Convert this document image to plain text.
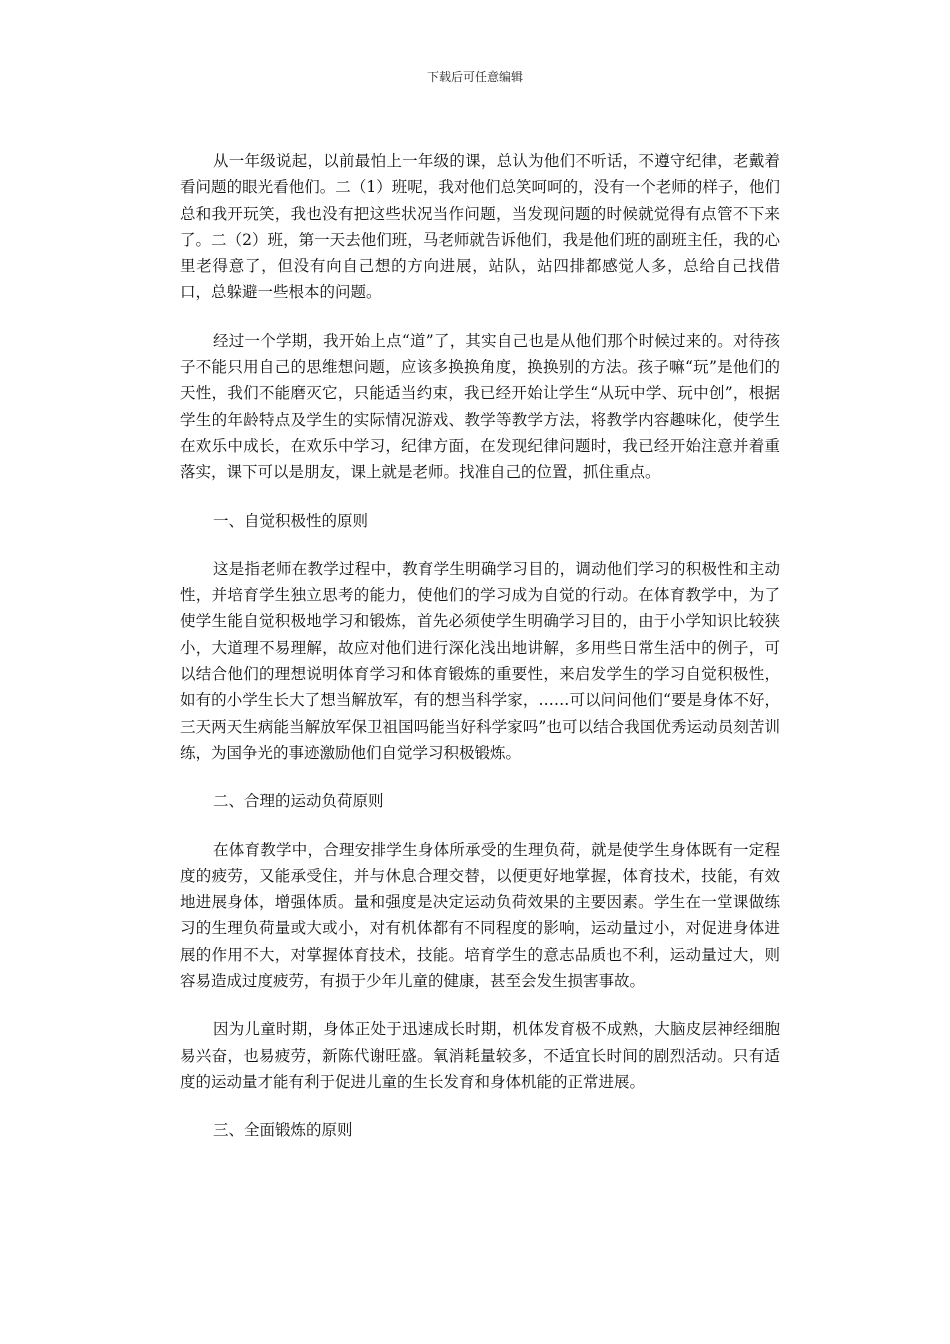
下载后可任意编辑

从一年级说起，以前最怕上一年级的课，总认为他们不听话，不遵守纪律，老戴着看问题的眼光看他们。二（1）班呢，我对他们总笑呵呵的，没有一个老师的样子，他们总和我开玩笑，我也没有把这些状况当作问题，当发现问题的时候就觉得有点管不下来了。二（2）班，第一天去他们班，马老师就告诉他们，我是他们班的副班主任，我的心里老得意了，但没有向自己想的方向进展，站队，站四排都感觉人多，总给自己找借口，总躲避一些根本的问题。

经过一个学期，我开始上点“道”了，其实自己也是从他们那个时候过来的。对待孩子不能只用自己的思维想问题，应该多换换角度，换换别的方法。孩子嘛“玩”是他们的天性，我们不能磨灭它，只能适当约束，我已经开始让学生“从玩中学、玩中创”，根据学生的年龄特点及学生的实际情况游戏、教学等教学方法，将教学内容趣味化，使学生在欢乐中成长，在欢乐中学习，纪律方面，在发现纪律问题时，我已经开始注意并着重落实，课下可以是朋友，课上就是老师。找准自己的位置，抓住重点。

一、自觉积极性的原则

这是指老师在教学过程中，教育学生明确学习目的，调动他们学习的积极性和主动性，并培育学生独立思考的能力，使他们的学习成为自觉的行动。在体育教学中，为了使学生能自觉积极地学习和锻炼，首先必须使学生明确学习目的，由于小学知识比较狭小，大道理不易理解，故应对他们进行深化浅出地讲解，多用些日常生活中的例子，可以结合他们的理想说明体育学习和体育锻炼的重要性，来启发学生的学习自觉积极性，如有的小学生长大了想当解放军，有的想当科学家，……可以问问他们“要是身体不好，三天两天生病能当解放军保卫祖国吗能当好科学家吗”也可以结合我国优秀运动员刻苦训练，为国争光的事迹激励他们自觉学习积极锻炼。

二、合理的运动负荷原则

在体育教学中，合理安排学生身体所承受的生理负荷，就是使学生身体既有一定程度的疲劳，又能承受住，并与休息合理交替，以便更好地掌握，体育技术，技能，有效地进展身体，增强体质。量和强度是决定运动负荷效果的主要因素。学生在一堂课做练习的生理负荷量或大或小，对有机体都有不同程度的影响，运动量过小，对促进身体进展的作用不大，对掌握体育技术，技能。培育学生的意志品质也不利，运动量过大，则容易造成过度疲劳，有损于少年儿童的健康，甚至会发生损害事故。

因为儿童时期，身体正处于迅速成长时期，机体发育极不成熟，大脑皮层神经细胞易兴奋，也易疲劳，新陈代谢旺盛。氧消耗量较多，不适宜长时间的剧烈活动。只有适度的运动量才能有利于促进儿童的生长发育和身体机能的正常进展。

三、全面锻炼的原则
